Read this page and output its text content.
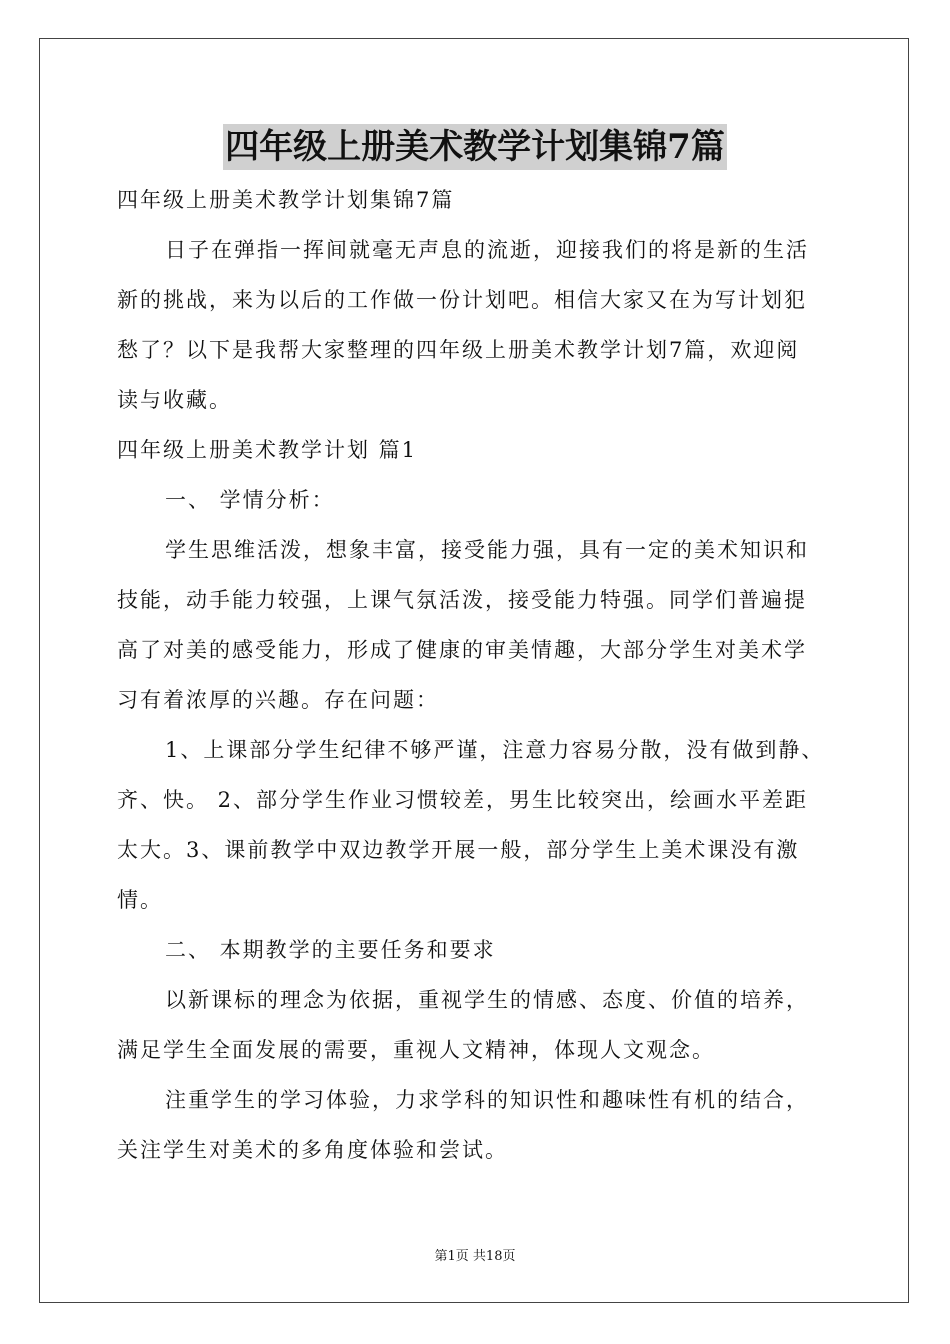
四年级上册美术教学计划集锦7篇
四年级上册美术教学计划集锦7篇
日子在弹指一挥间就毫无声息的流逝，迎接我们的将是新的生活
新的挑战，来为以后的工作做一份计划吧。相信大家又在为写计划犯
愁了？以下是我帮大家整理的四年级上册美术教学计划7篇，欢迎阅
读与收藏。
四年级上册美术教学计划 篇1
一、 学情分析：
学生思维活泼，想象丰富，接受能力强，具有一定的美术知识和
技能，动手能力较强，上课气氛活泼，接受能力特强。同学们普遍提
高了对美的感受能力，形成了健康的审美情趣，大部分学生对美术学
习有着浓厚的兴趣。存在问题：
1、上课部分学生纪律不够严谨，注意力容易分散，没有做到静、
齐、快。 2、部分学生作业习惯较差，男生比较突出，绘画水平差距
太大。3、课前教学中双边教学开展一般，部分学生上美术课没有激
情。
二、 本期教学的主要任务和要求
以新课标的理念为依据，重视学生的情感、态度、价值的培养，
满足学生全面发展的需要，重视人文精神，体现人文观念。
注重学生的学习体验，力求学科的知识性和趣味性有机的结合，
关注学生对美术的多角度体验和尝试。
第1页 共18页
